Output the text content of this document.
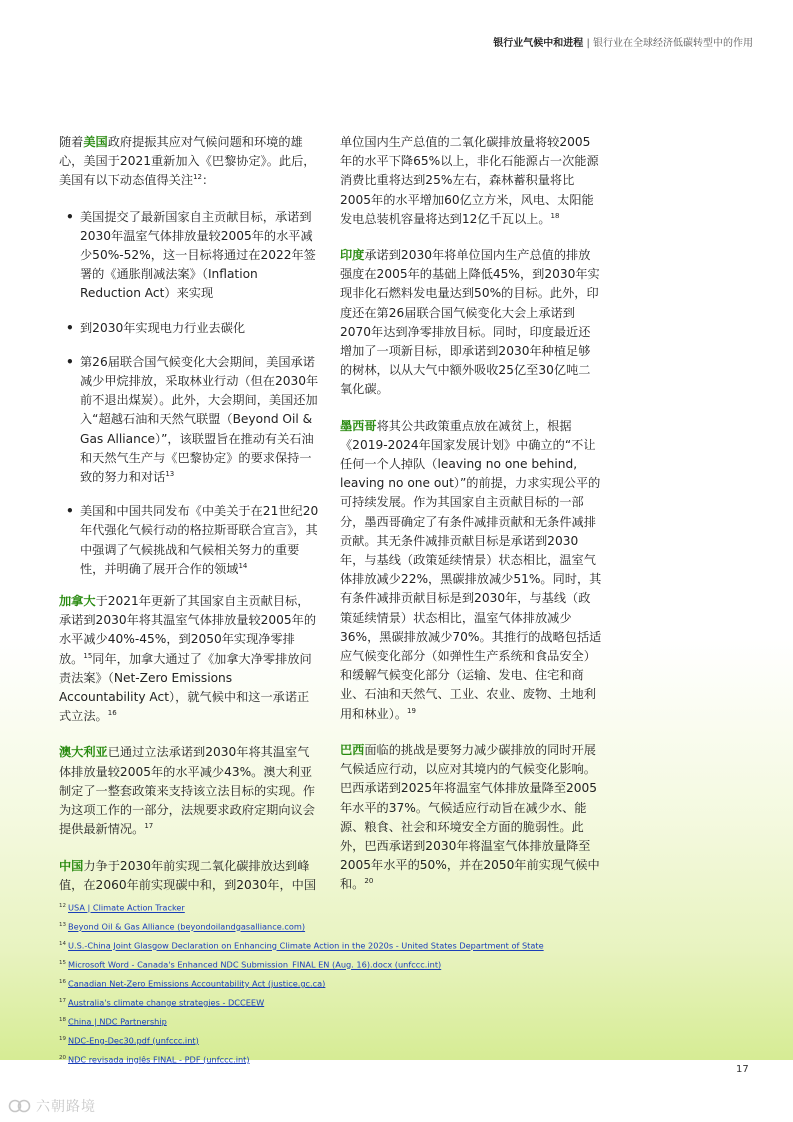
银行业气候中和进程 | 银行业在全球经济低碳转型中的作用

随着美国政府提振其应对气候问题和环境的雄心，美国于2021重新加入《巴黎协定》。此后，美国有以下动态值得关注$^{12}$：

• 美国提交了最新国家自主贡献目标，承诺到2030年温室气体排放量较2005年的水平减少50%-52%，这一目标将通过在2022年签署的《通胀削减法案》（Inflation Reduction Act）来实现
• 到2030年实现电力行业去碳化
• 第26届联合国气候变化大会期间，美国承诺减少甲烷排放，采取林业行动（但在2030年前不退出煤炭）。此外，大会期间，美国还加入“超越石油和天然气联盟（Beyond Oil & Gas Alliance）”，该联盟旨在推动有关石油和天然气生产与《巴黎协定》的要求保持一致的努力和对话$^{13}$
• 美国和中国共同发布《中美关于在21世纪20年代强化气候行动的格拉斯哥联合宣言》，其中强调了气候挑战和气候相关努力的重要性，并明确了展开合作的领域$^{14}$

加拿大于2021年更新了其国家自主贡献目标，承诺到2030年将其温室气体排放量较2005年的水平减少40%-45%，到2050年实现净零排放。$^{15}$同年，加拿大通过了《加拿大净零排放问责法案》（Net-Zero Emissions Accountability Act），就气候中和这一承诺正式立法。$^{16}$

澳大利亚已通过立法承诺到2030年将其温室气体排放量较2005年的水平减少43%。澳大利亚制定了一整套政策来支持该立法目标的实现。作为这项工作的一部分，法规要求政府定期向议会提供最新情况。$^{17}$

中国力争于2030年前实现二氧化碳排放达到峰值，在2060年前实现碳中和，到2030年，中国

单位国内生产总值的二氧化碳排放量将较2005年的水平下降65%以上，非化石能源占一次能源消费比重将达到25%左右，森林蓄积量将比2005年的水平增加60亿立方米，风电、太阳能发电总装机容量将达到12亿千瓦以上。$^{18}$

印度承诺到2030年将单位国内生产总值的排放强度在2005年的基础上降低45%，到2030年实现非化石燃料发电量达到50%的目标。此外，印度还在第26届联合国气候变化大会上承诺到2070年达到净零排放目标。同时，印度最近还增加了一项新目标，即承诺到2030年种植足够的树林，以从大气中额外吸收25亿至30亿吨二氧化碳。

墨西哥将其公共政策重点放在减贫上，根据《2019-2024年国家发展计划》中确立的“不让任何一个人掉队（leaving no one behind, leaving no one out）”的前提，力求实现公平的可持续发展。作为其国家自主贡献目标的一部分，墨西哥确定了有条件减排贡献和无条件减排贡献。其无条件减排贡献目标是承诺到2030年，与基线（政策延续情景）状态相比，温室气体排放减少22%，黑碳排放减少51%。同时，其有条件减排贡献目标是到2030年，与基线（政策延续情景）状态相比，温室气体排放减少36%，黑碳排放减少70%。其推行的战略包括适应气候变化部分（如弹性生产系统和食品安全）和缓解气候变化部分（运输、发电、住宅和商业、石油和天然气、工业、农业、废物、土地利用和林业）。$^{19}$

巴西面临的挑战是要努力减少碳排放的同时开展气候适应行动，以应对其境内的气候变化影响。巴西承诺到2025年将温室气体排放量降至2005年水平的37%。气候适应行动旨在减少水、能源、粮食、社会和环境安全方面的脆弱性。此外，巴西承诺到2030年将温室气体排放量降至2005年水平的50%，并在2050年前实现气候中和。$^{20}$

$^{12}$ USA | Climate Action Tracker
$^{13}$ Beyond Oil & Gas Alliance (beyondoilandgasalliance.com)
$^{14}$ U.S.-China Joint Glasgow Declaration on Enhancing Climate Action in the 2020s - United States Department of State
$^{15}$ Microsoft Word - Canada's Enhanced NDC Submission_FINAL EN (Aug. 16).docx (unfccc.int)
$^{16}$ Canadian Net-Zero Emissions Accountability Act (justice.gc.ca)
$^{17}$ Australia's climate change strategies - DCCEEW
$^{18}$ China | NDC Partnership
$^{19}$ NDC-Eng-Dec30.pdf (unfccc.int)
$^{20}$ NDC revisada inglês FINAL - PDF (unfccc.int)
17
六朝路境
